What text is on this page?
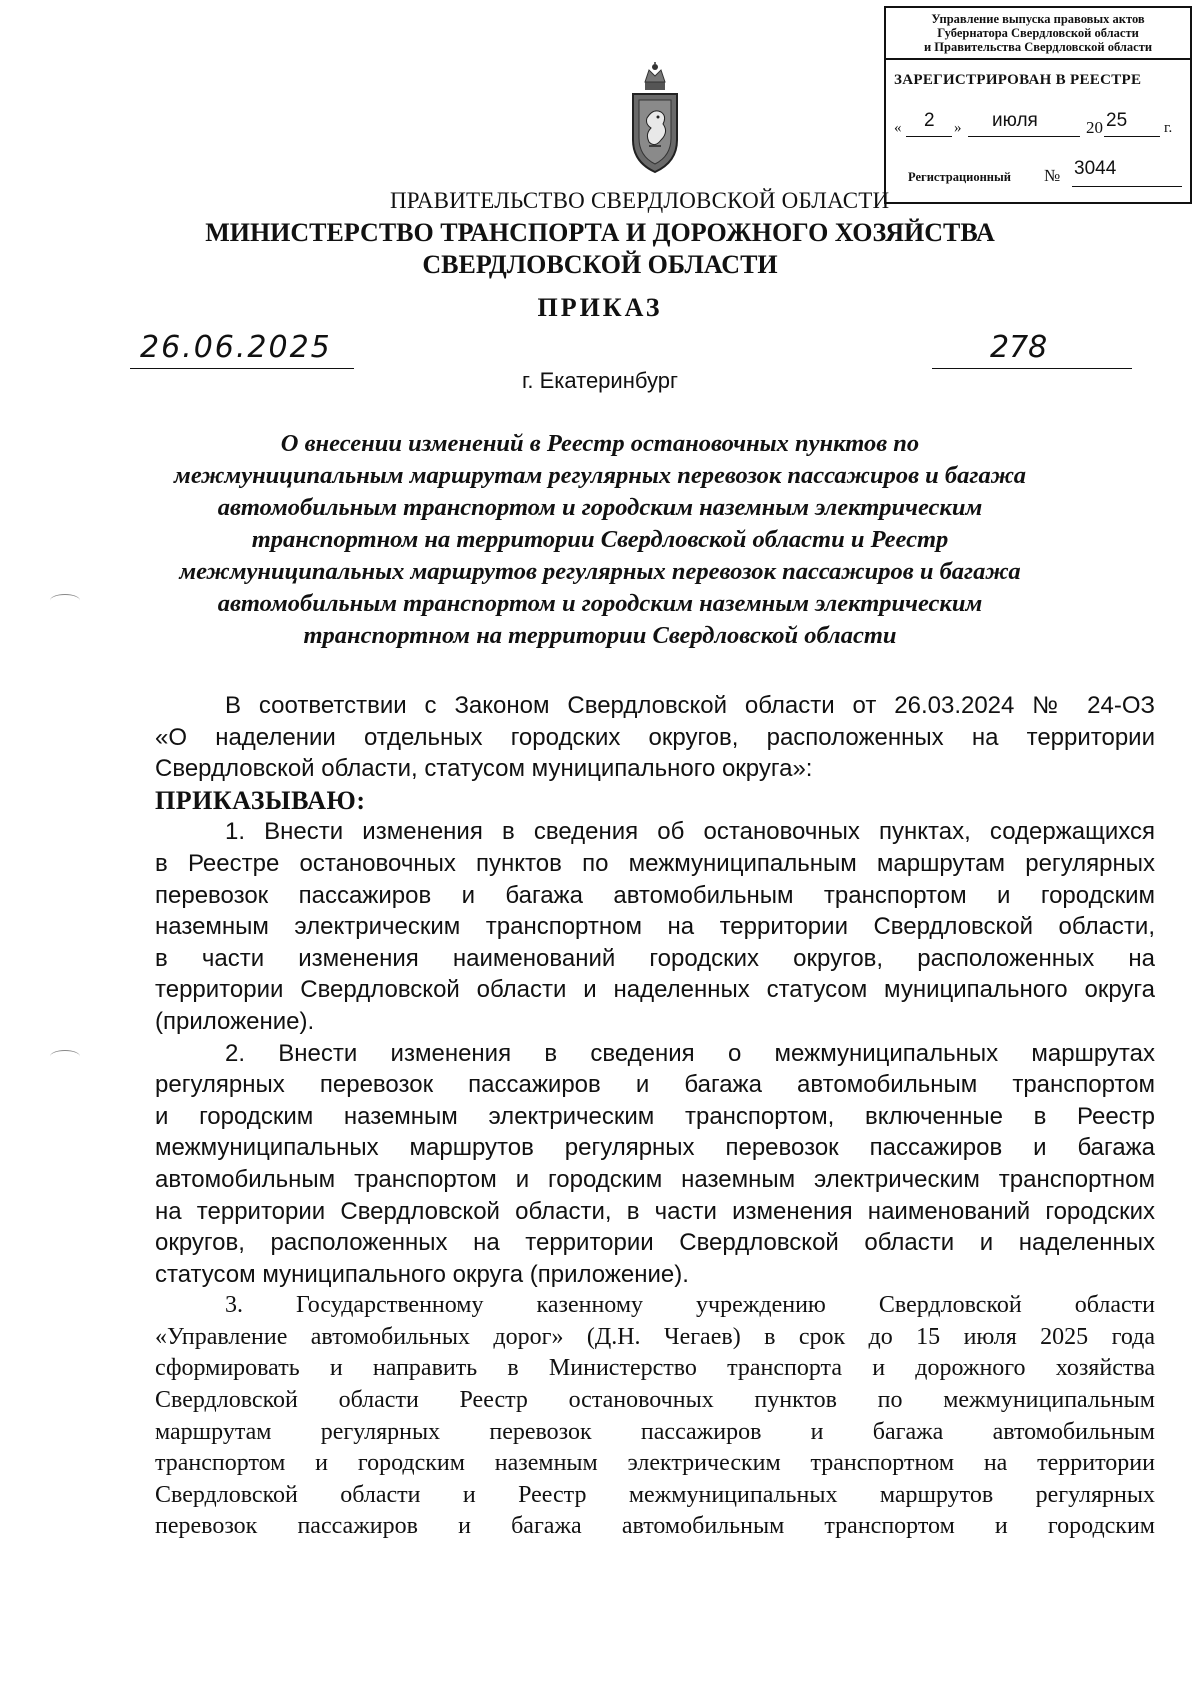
Управление выпуска правовых актов
Губернатора Свердловской области
и Правительства Свердловской области
ЗАРЕГИСТРИРОВАН В РЕЕСТРЕ
« 2 » июля	20 25 г.
Регистрационный № 3044
ПРАВИТЕЛЬСТВО СВЕРДЛОВСКОЙ ОБЛАСТИ
МИНИСТЕРСТВО ТРАНСПОРТА И ДОРОЖНОГО ХОЗЯЙСТВА
СВЕРДЛОВСКОЙ ОБЛАСТИ
ПРИКАЗ
26.06.2025	278
г. Екатеринбург
О внесении изменений в Реестр остановочных пунктов по
межмуниципальным маршрутам регулярных перевозок пассажиров и багажа
автомобильным транспортом и городским наземным электрическим
транспортном на территории Свердловской области и Реестр
межмуниципальных маршрутов регулярных перевозок пассажиров и багажа
автомобильным транспортом и городским наземным электрическим
транспортном на территории Свердловской области
В соответствии с Законом Свердловской области от 26.03.2024 № 24-ОЗ
«О наделении отдельных городских округов, расположенных на территории
Свердловской области, статусом муниципального округа»:
ПРИКАЗЫВАЮ:
1. Внести изменения в сведения об остановочных пунктах, содержащихся
в Реестре остановочных пунктов по межмуниципальным маршрутам регулярных
перевозок пассажиров и багажа автомобильным транспортом и городским
наземным электрическим транспортном на территории Свердловской области,
в части изменения наименований городских округов, расположенных на
территории Свердловской области и наделенных статусом муниципального округа
(приложение).
2. Внести изменения в сведения о межмуниципальных маршрутах
регулярных перевозок пассажиров и багажа автомобильным транспортом
и городским наземным электрическим транспортом, включенные в Реестр
межмуниципальных маршрутов регулярных перевозок пассажиров и багажа
автомобильным транспортом и городским наземным электрическим транспортном
на территории Свердловской области, в части изменения наименований городских
округов, расположенных на территории Свердловской области и наделенных
статусом муниципального округа (приложение).
3. Государственному казенному учреждению Свердловской области
«Управление автомобильных дорог» (Д.Н. Чегаев) в срок до 15 июля 2025 года
сформировать и направить в Министерство транспорта и дорожного хозяйства
Свердловской области Реестр остановочных пунктов по межмуниципальным
маршрутам регулярных перевозок пассажиров и багажа автомобильным
транспортом и городским наземным электрическим транспортном на территории
Свердловской области и Реестр межмуниципальных маршрутов регулярных
перевозок пассажиров и багажа автомобильным транспортом и городским
